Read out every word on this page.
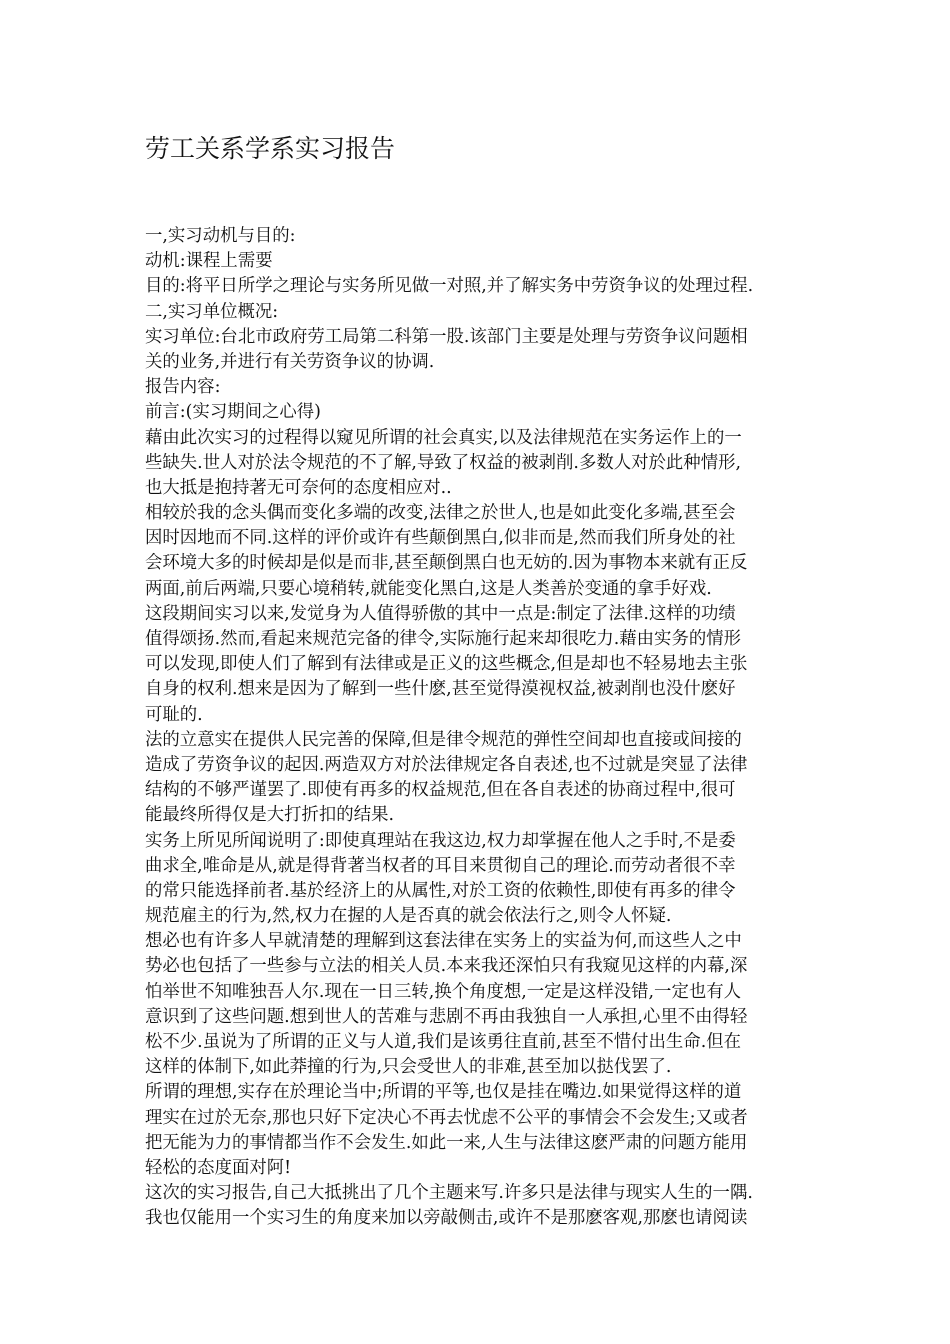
劳工关系学系实习报告

一,实习动机与目的:

动机:课程上需要

目的:将平日所学之理论与实务所见做一对照,并了解实务中劳资争议的处理过程.

二,实习单位概况:

实习单位:台北市政府劳工局第二科第一股.该部门主要是处理与劳资争议问题相

关的业务,并进行有关劳资争议的协调.

报告内容:

前言:(实习期间之心得)

藉由此次实习的过程得以窥见所谓的社会真实,以及法律规范在实务运作上的一

些缺失.世人对於法令规范的不了解,导致了权益的被剥削.多数人对於此种情形,

也大抵是抱持著无可奈何的态度相应对..

相较於我的念头偶而变化多端的改变,法律之於世人,也是如此变化多端,甚至会

因时因地而不同.这样的评价或许有些颠倒黑白,似非而是,然而我们所身处的社

会环境大多的时候却是似是而非,甚至颠倒黑白也无妨的.因为事物本来就有正反

两面,前后两端,只要心境稍转,就能变化黑白,这是人类善於变通的拿手好戏.

这段期间实习以来,发觉身为人值得骄傲的其中一点是:制定了法律.这样的功绩

值得颂扬.然而,看起来规范完备的律令,实际施行起来却很吃力.藉由实务的情形

可以发现,即使人们了解到有法律或是正义的这些概念,但是却也不轻易地去主张

自身的权利.想来是因为了解到一些什麽,甚至觉得漠视权益,被剥削也没什麽好

可耻的.

法的立意实在提供人民完善的保障,但是律令规范的弹性空间却也直接或间接的

造成了劳资争议的起因.两造双方对於法律规定各自表述,也不过就是突显了法律

结构的不够严谨罢了.即使有再多的权益规范,但在各自表述的协商过程中,很可

能最终所得仅是大打折扣的结果.

实务上所见所闻说明了:即使真理站在我这边,权力却掌握在他人之手时,不是委

曲求全,唯命是从,就是得背著当权者的耳目来贯彻自己的理论.而劳动者很不幸

的常只能选择前者.基於经济上的从属性,对於工资的依赖性,即使有再多的律令

规范雇主的行为,然,权力在握的人是否真的就会依法行之,则令人怀疑.

想必也有许多人早就清楚的理解到这套法律在实务上的实益为何,而这些人之中

势必也包括了一些参与立法的相关人员.本来我还深怕只有我窥见这样的内幕,深

怕举世不知唯独吾人尔.现在一日三转,换个角度想,一定是这样没错,一定也有人

意识到了这些问题.想到世人的苦难与悲剧不再由我独自一人承担,心里不由得轻

松不少.虽说为了所谓的正义与人道,我们是该勇往直前,甚至不惜付出生命.但在

这样的体制下,如此莽撞的行为,只会受世人的非难,甚至加以挞伐罢了.

所谓的理想,实存在於理论当中;所谓的平等,也仅是挂在嘴边.如果觉得这样的道

理实在过於无奈,那也只好下定决心不再去忧虑不公平的事情会不会发生;又或者

把无能为力的事情都当作不会发生.如此一来,人生与法律这麽严肃的问题方能用

轻松的态度面对阿!

这次的实习报告,自己大抵挑出了几个主题来写.许多只是法律与现实人生的一隅.

我也仅能用一个实习生的角度来加以旁敲侧击,或许不是那麽客观,那麽也请阅读
